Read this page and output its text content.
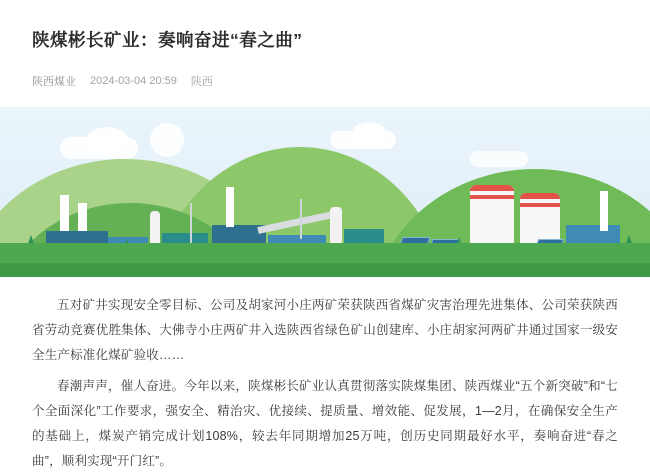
陕煤彬长矿业：奏响奋进“春之曲”
陕西煤业 2024-03-04 20:59 陕西

五对矿井实现安全零目标、公司及胡家河小庄两矿荣获陕西省煤矿灾害治理先进集体、公司荣获陕西省劳动竞赛优胜集体、大佛寺小庄两矿井入选陕西省绿色矿山创建库、小庄胡家河两矿井通过国家一级安全生产标准化煤矿验收……

春潮声声，催人奋进。今年以来，陕煤彬长矿业认真贯彻落实陕煤集团、陕西煤业“五个新突破”和“七个全面深化”工作要求，强安全、精治灾、优接续、提质量、增效能、促发展，1—2月，在确保安全生产的基础上，煤炭产销完成计划108%，较去年同期增加25万吨，创历史同期最好水平，奏响奋进“春之曲”，顺利实现“开门红”。
